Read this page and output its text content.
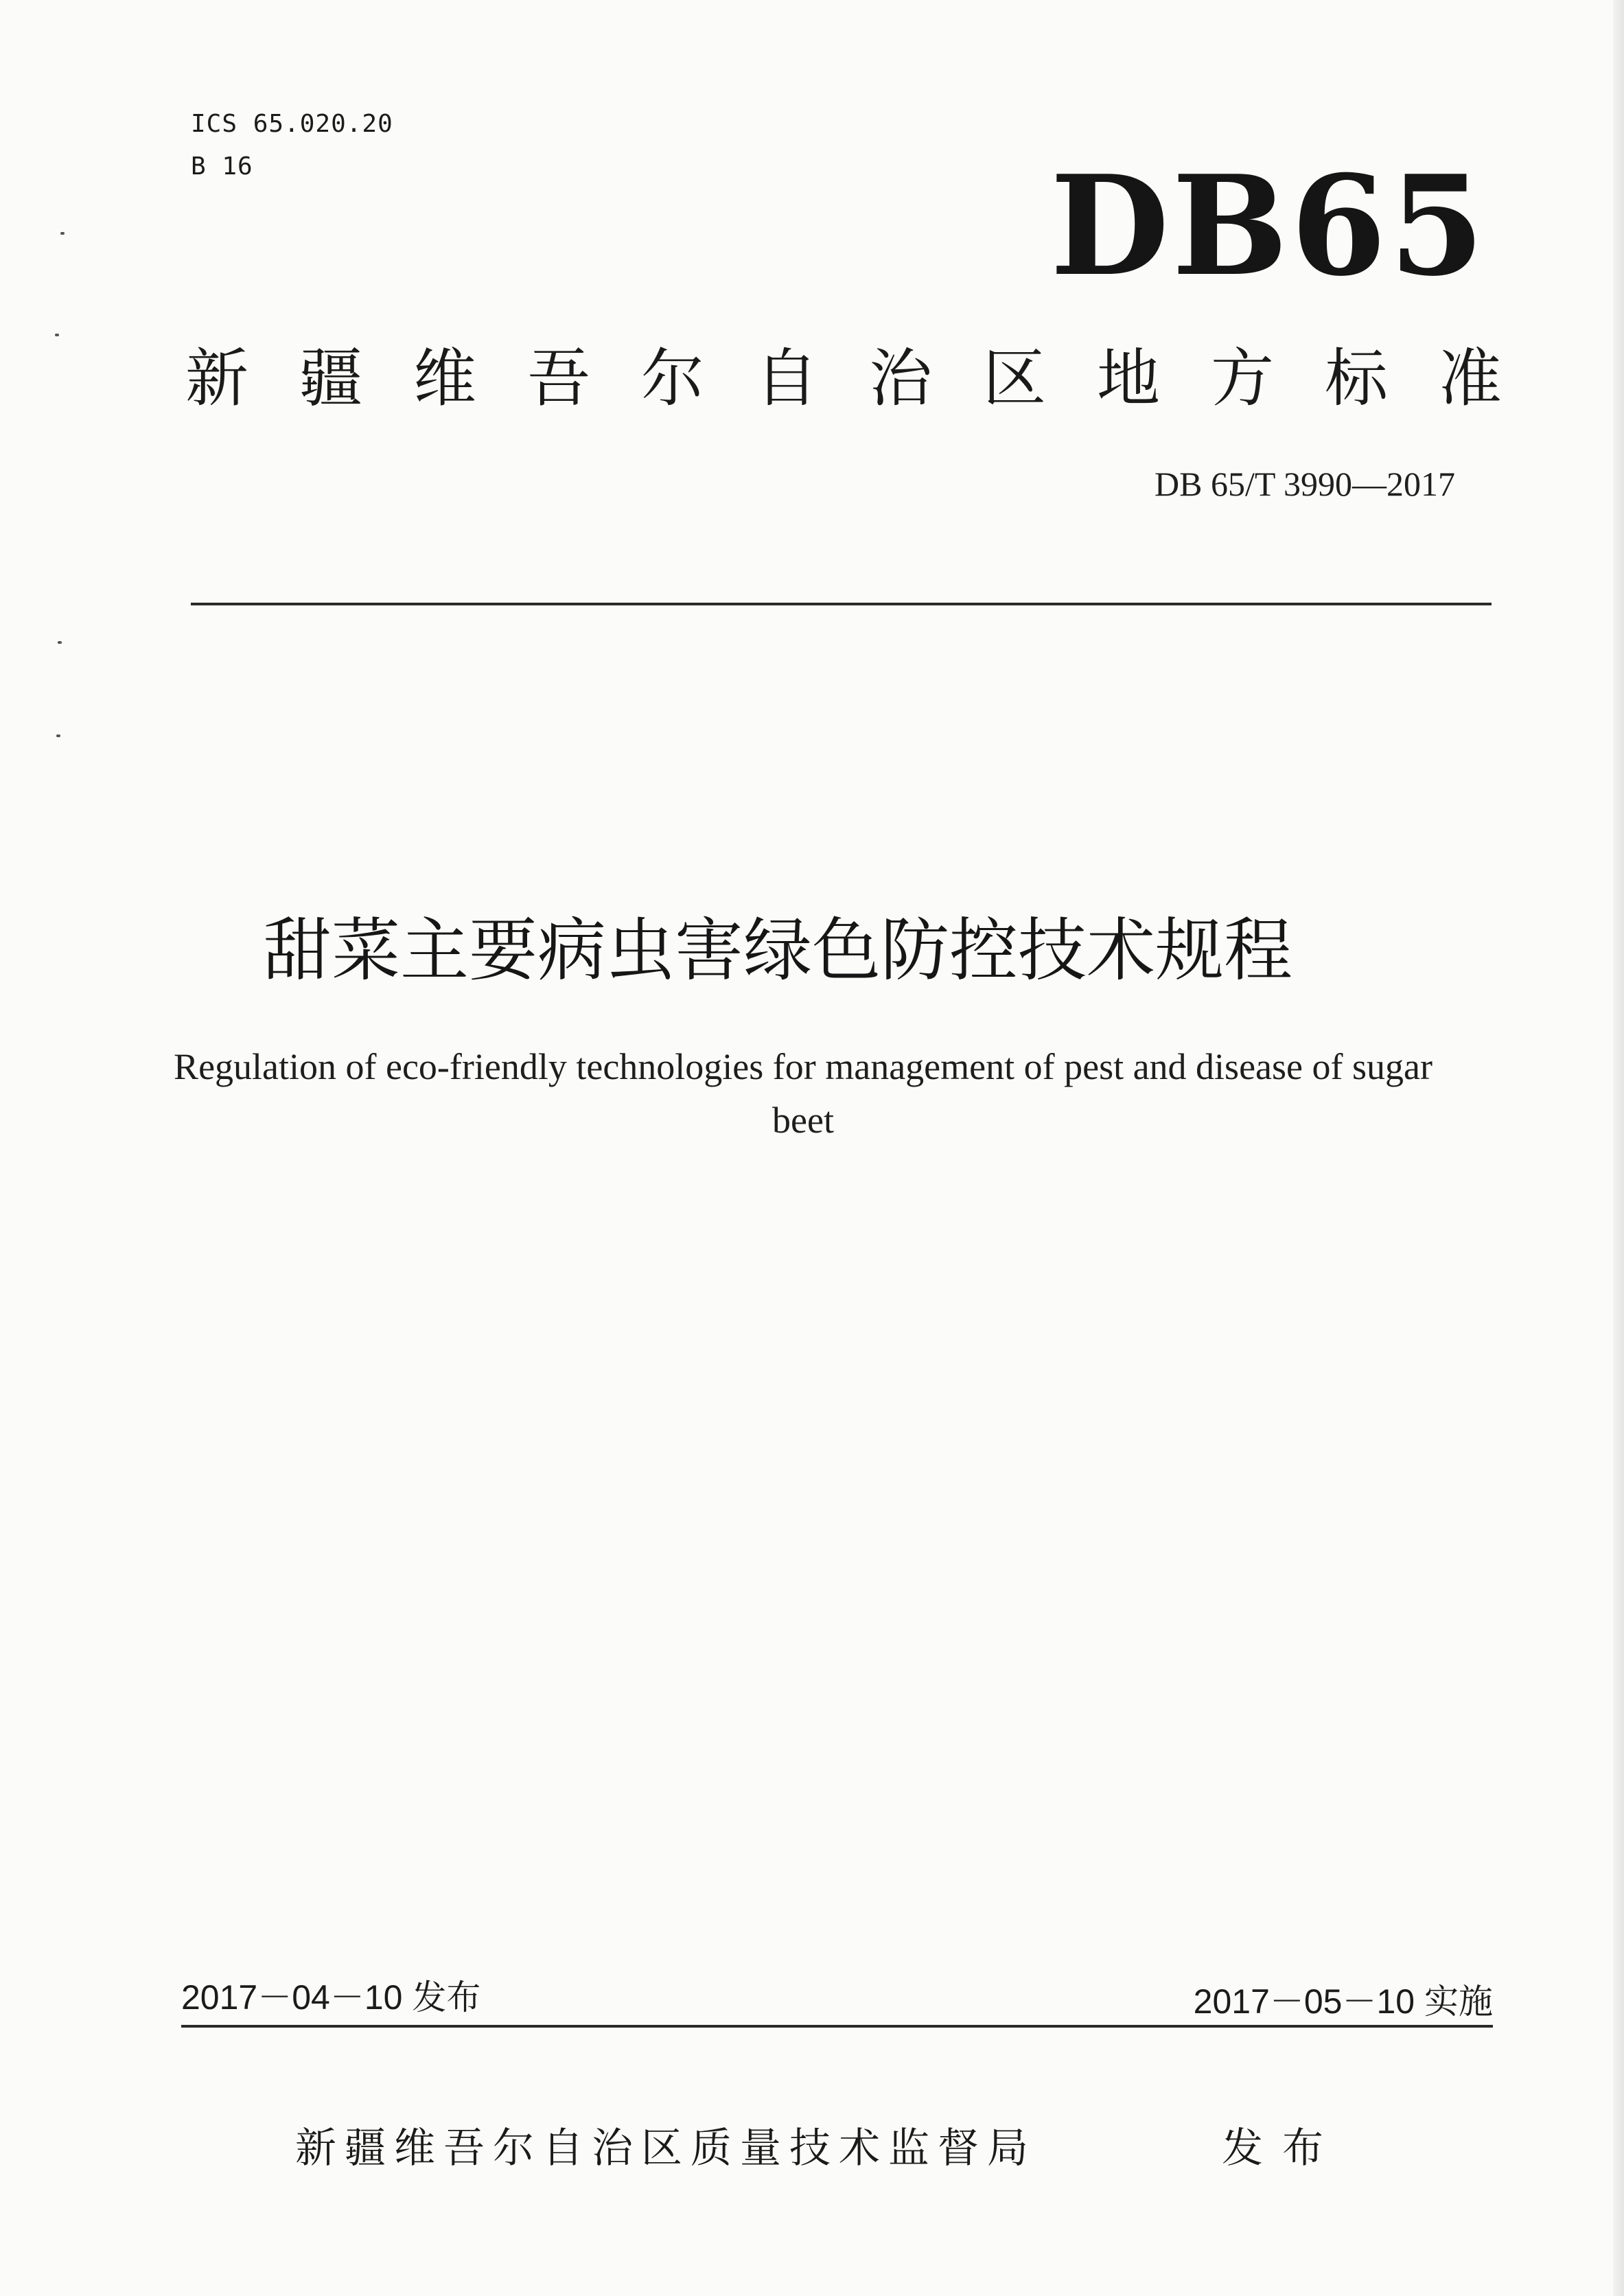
ICS 65.020.20
B 16	DB65
新疆维吾尔自治区地方标准
DB 65/T 3990—2017
甜菜主要病虫害绿色防控技术规程
Regulation of eco-friendly technologies for management of pest and disease of sugar
beet
2017－04－10 发布	2017－05－10 实施
新疆维吾尔自治区质量技术监督局	发布
